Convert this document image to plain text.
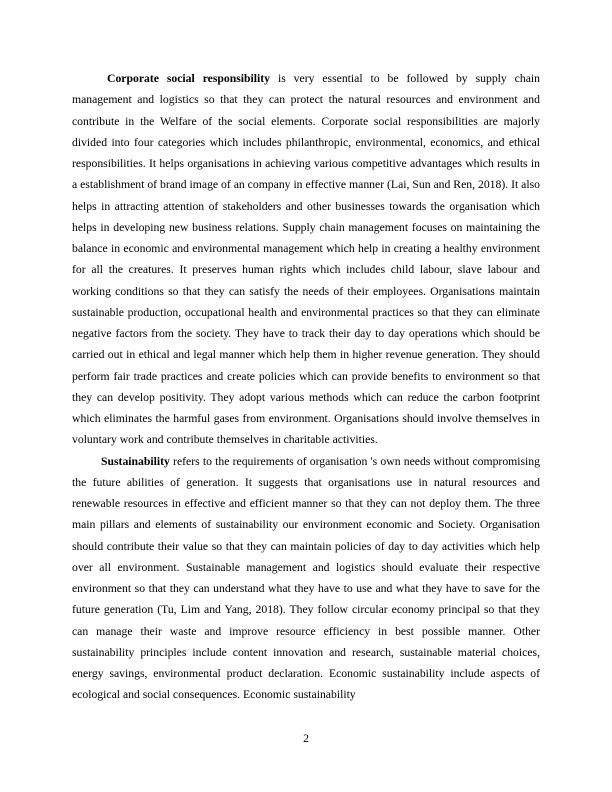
Corporate social responsibility is very essential to be followed by supply chain management and logistics so that they can protect the natural resources and environment and contribute in the Welfare of the social elements. Corporate social responsibilities are majorly divided into four categories which includes philanthropic, environmental, economics, and ethical responsibilities. It helps organisations in achieving various competitive advantages which results in a establishment of brand image of an company in effective manner (Lai, Sun and Ren, 2018). It also helps in attracting attention of stakeholders and other businesses towards the organisation which helps in developing new business relations. Supply chain management focuses on maintaining the balance in economic and environmental management which help in creating a healthy environment for all the creatures. It preserves human rights which includes child labour, slave labour and working conditions so that they can satisfy the needs of their employees. Organisations maintain sustainable production, occupational health and environmental practices so that they can eliminate negative factors from the society. They have to track their day to day operations which should be carried out in ethical and legal manner which help them in higher revenue generation. They should perform fair trade practices and create policies which can provide benefits to environment so that they can develop positivity. They adopt various methods which can reduce the carbon footprint which eliminates the harmful gases from environment. Organisations should involve themselves in voluntary work and contribute themselves in charitable activities.

Sustainability refers to the requirements of organisation 's own needs without compromising the future abilities of generation. It suggests that organisations use in natural resources and renewable resources in effective and efficient manner so that they can not deploy them. The three main pillars and elements of sustainability our environment economic and Society. Organisation should contribute their value so that they can maintain policies of day to day activities which help over all environment. Sustainable management and logistics should evaluate their respective environment so that they can understand what they have to use and what they have to save for the future generation (Tu, Lim and Yang, 2018). They follow circular economy principal so that they can manage their waste and improve resource efficiency in best possible manner. Other sustainability principles include content innovation and research, sustainable material choices, energy savings, environmental product declaration. Economic sustainability include aspects of ecological and social consequences. Economic sustainability

2
